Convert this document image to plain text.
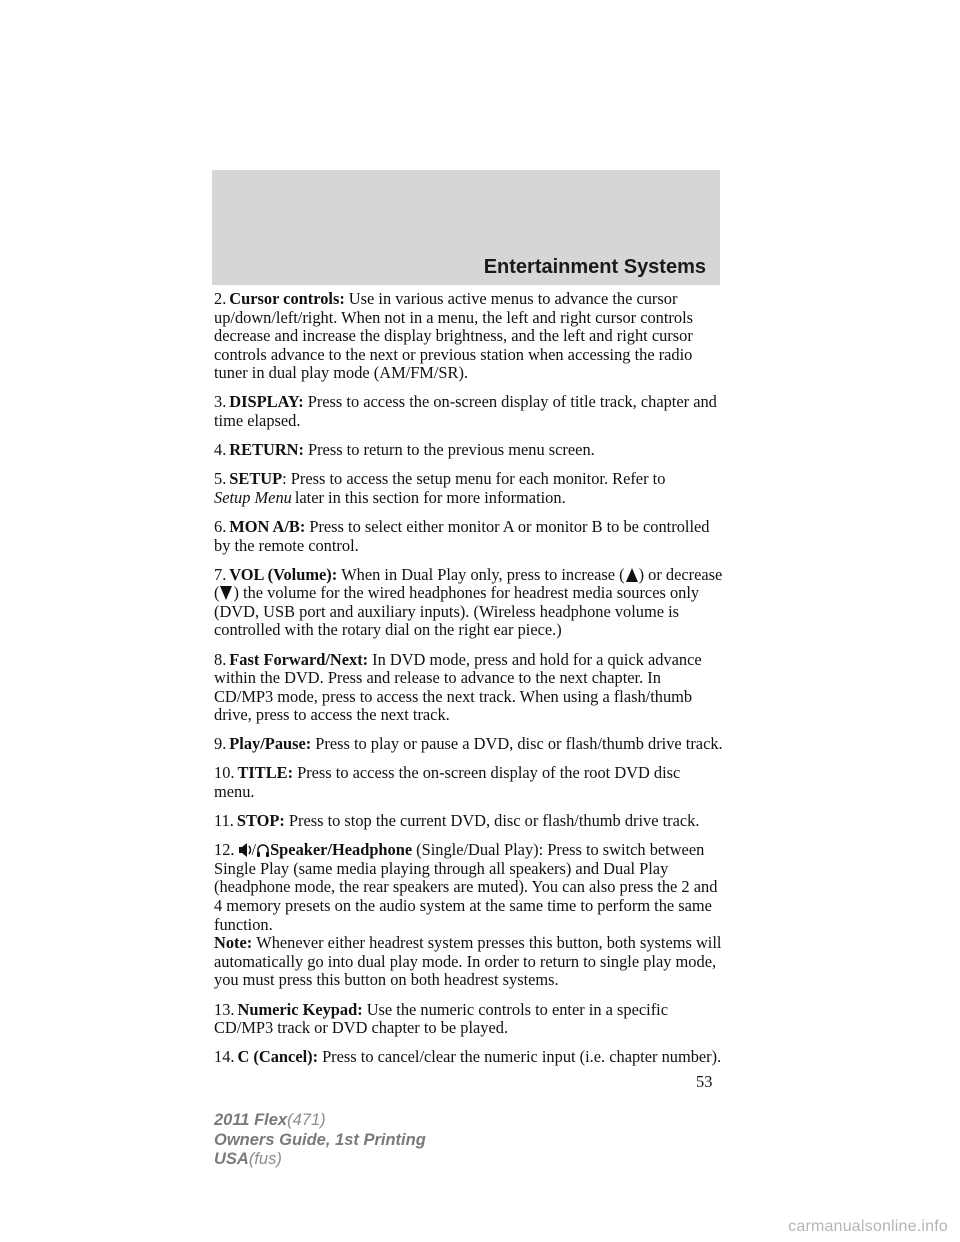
Entertainment Systems

2. Cursor controls: Use in various active menus to advance the cursor up/down/left/right. When not in a menu, the left and right cursor controls decrease and increase the display brightness, and the left and right cursor controls advance to the next or previous station when accessing the radio tuner in dual play mode (AM/FM/SR).

3. DISPLAY: Press to access the on-screen display of title track, chapter and time elapsed.

4. RETURN: Press to return to the previous menu screen.

5. SETUP: Press to access the setup menu for each monitor. Refer to
Setup Menu later in this section for more information.

6. MON A/B: Press to select either monitor A or monitor B to be controlled by the remote control.

7. VOL (Volume): When in Dual Play only, press to increase ( ) or decrease ( ) the volume for the wired headphones for headrest media sources only (DVD, USB port and auxiliary inputs). (Wireless headphone volume is controlled with the rotary dial on the right ear piece.)

8. Fast Forward/Next: In DVD mode, press and hold for a quick advance within the DVD. Press and release to advance to the next chapter. In CD/MP3 mode, press to access the next track. When using a flash/thumb drive, press to access the next track.

9. Play/Pause: Press to play or pause a DVD, disc or flash/thumb drive track.

10. TITLE: Press to access the on-screen display of the root DVD disc menu.

11. STOP: Press to stop the current DVD, disc or flash/thumb drive track.

12. / Speaker/Headphone (Single/Dual Play): Press to switch between Single Play (same media playing through all speakers) and Dual Play (headphone mode, the rear speakers are muted). You can also press the 2 and 4 memory presets on the audio system at the same time to perform the same function.
Note: Whenever either headrest system presses this button, both systems will automatically go into dual play mode. In order to return to single play mode, you must press this button on both headrest systems.

13. Numeric Keypad: Use the numeric controls to enter in a specific CD/MP3 track or DVD chapter to be played.

14. C (Cancel): Press to cancel/clear the numeric input (i.e. chapter number).

53
2011 Flex(471)
Owners Guide, 1st Printing
USA(fus)
carmanualsonline.info
